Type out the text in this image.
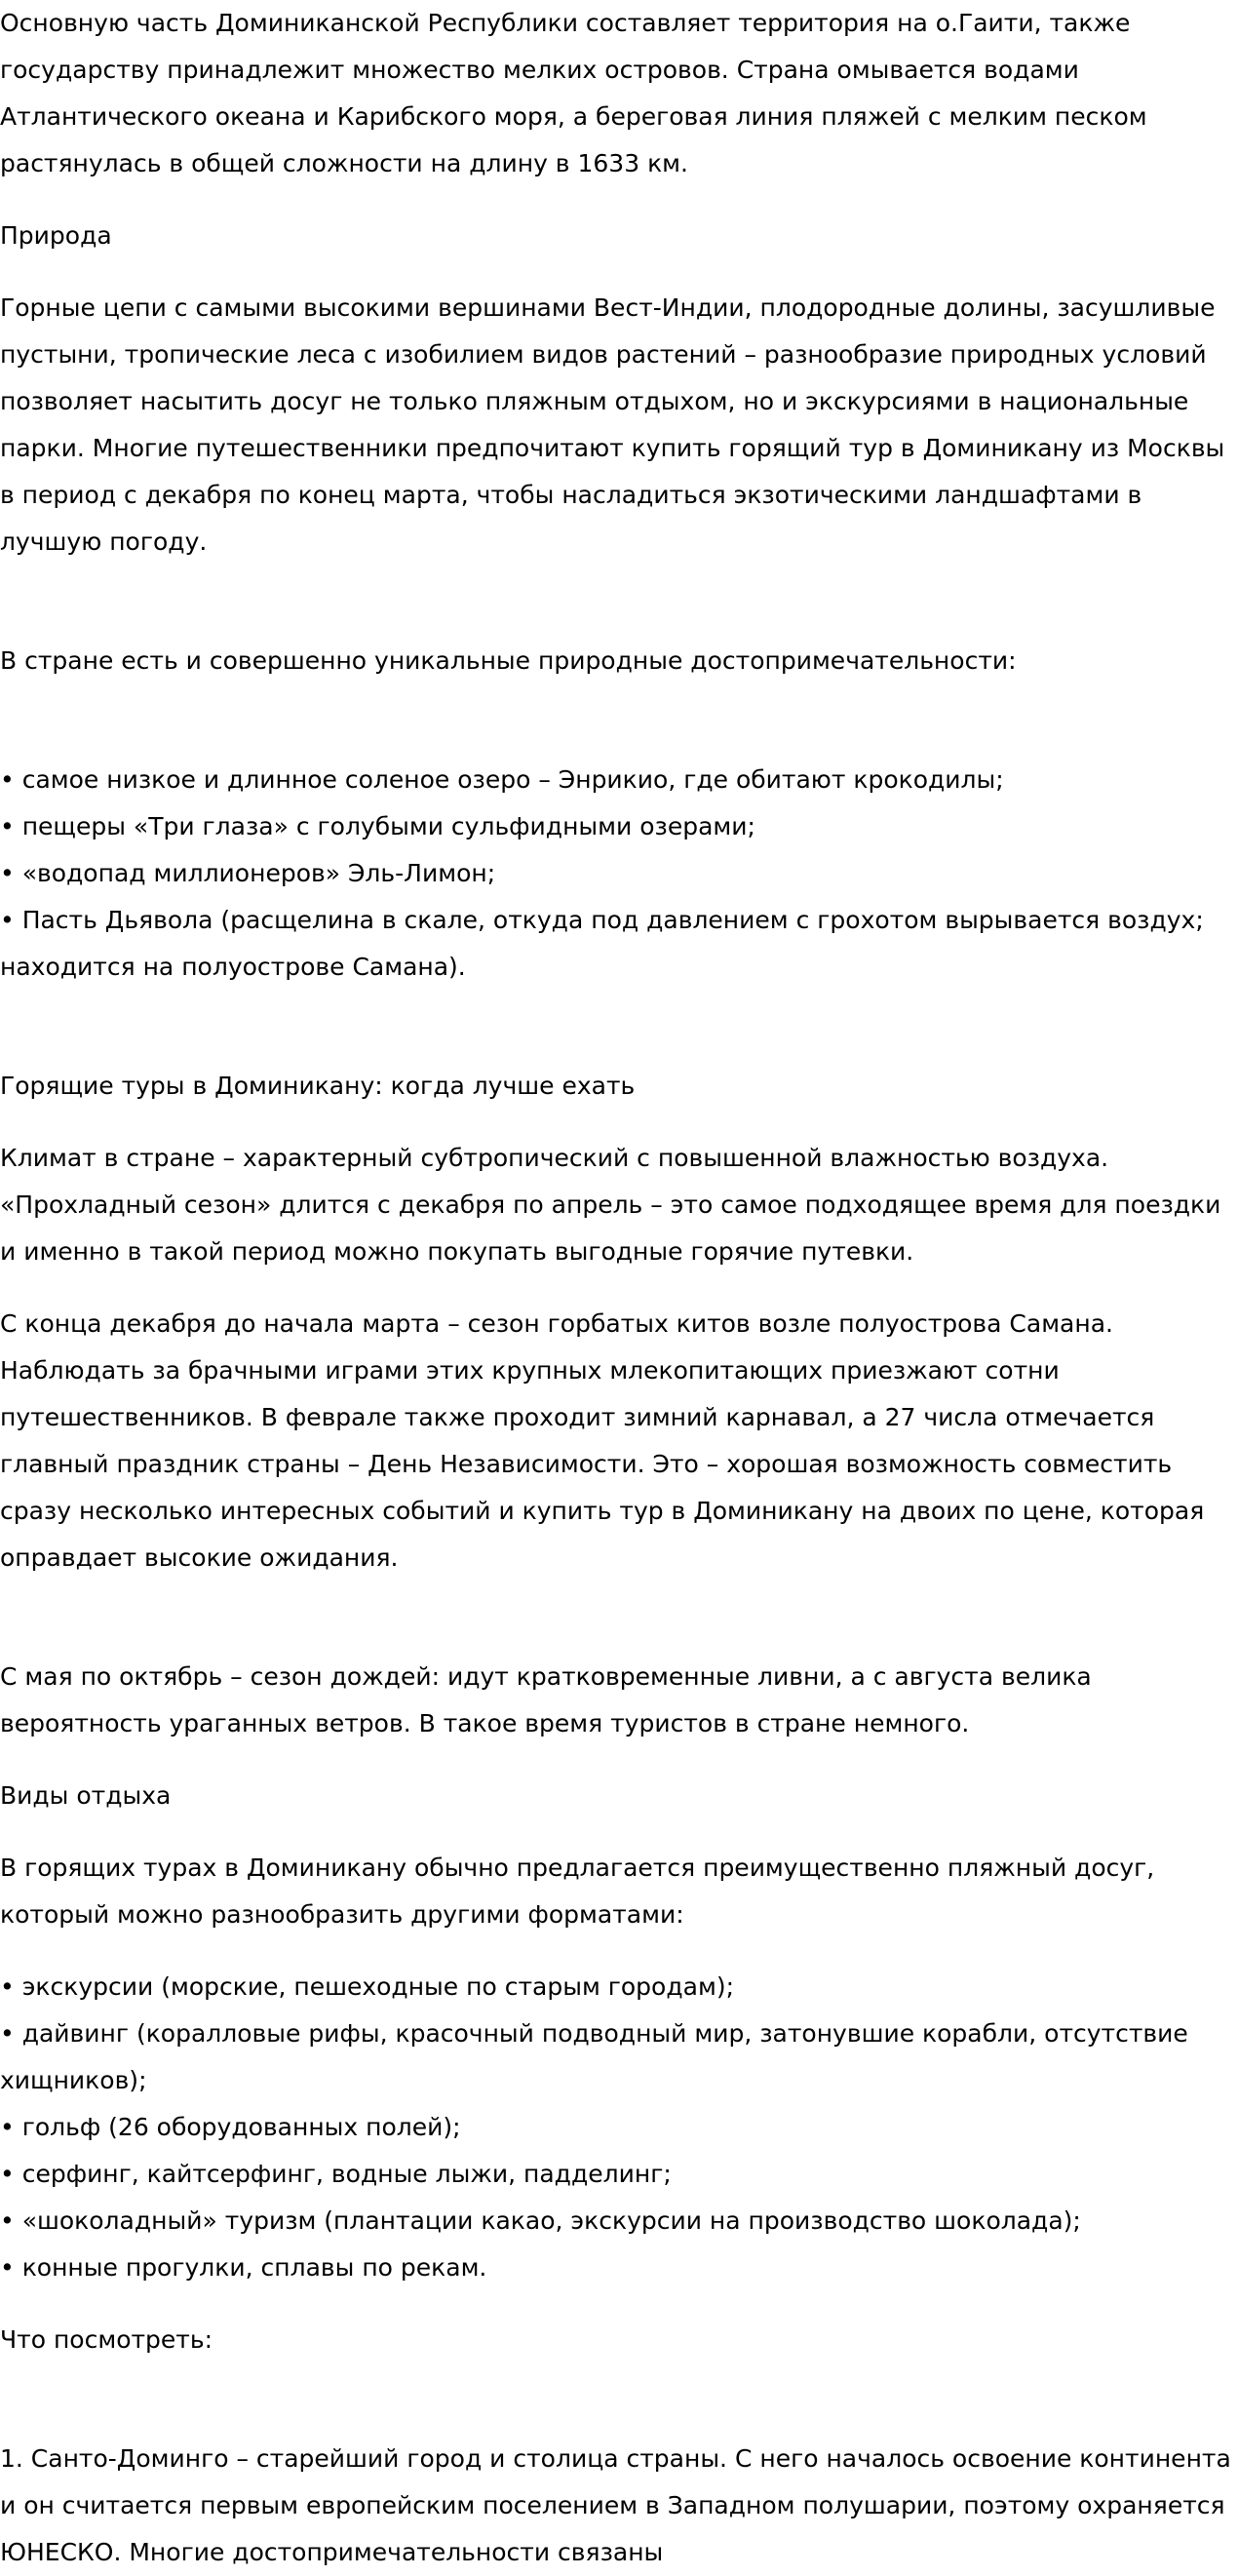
Основную часть Доминиканской Республики составляет территория на о.Гаити, также государству принадлежит множество мелких островов. Страна омывается водами Атлантического океана и Карибского моря, а береговая линия пляжей с мелким песком растянулась в общей сложности на длину в 1633 км.

Природа

Горные цепи с самыми высокими вершинами Вест-Индии, плодородные долины, засушливые пустыни, тропические леса с изобилием видов растений – разнообразие природных условий позволяет насытить досуг не только пляжным отдыхом, но и экскурсиями в национальные парки. Многие путешественники предпочитают купить горящий тур в Доминикану из Москвы в период с декабря по конец марта, чтобы насладиться экзотическими ландшафтами в лучшую погоду.

В стране есть и совершенно уникальные природные достопримечательности:

• самое низкое и длинное соленое озеро – Энрикио, где обитают крокодилы;
• пещеры «Три глаза» с голубыми сульфидными озерами;
• «водопад миллионеров» Эль-Лимон;
• Пасть Дьявола (расщелина в скале, откуда под давлением с грохотом вырывается воздух; находится на полуострове Самана).

Горящие туры в Доминикану: когда лучше ехать

Климат в стране – характерный субтропический с повышенной влажностью воздуха. «Прохладный сезон» длится с декабря по апрель – это самое подходящее время для поездки и именно в такой период можно покупать выгодные горячие путевки.

С конца декабря до начала марта – сезон горбатых китов возле полуострова Самана. Наблюдать за брачными играми этих крупных млекопитающих приезжают сотни путешественников. В феврале также проходит зимний карнавал, а 27 числа отмечается главный праздник страны – День Независимости. Это – хорошая возможность совместить сразу несколько интересных событий и купить тур в Доминикану на двоих по цене, которая оправдает высокие ожидания.

С мая по октябрь – сезон дождей: идут кратковременные ливни, а с августа велика вероятность ураганных ветров. В такое время туристов в стране немного.

Виды отдыха

В горящих турах в Доминикану обычно предлагается преимущественно пляжный досуг, который можно разнообразить другими форматами:

• экскурсии (морские, пешеходные по старым городам);
• дайвинг (коралловые рифы, красочный подводный мир, затонувшие корабли, отсутствие хищников);
• гольф (26 оборудованных полей);
• серфинг, кайтсерфинг, водные лыжи, падделинг;
• «шоколадный» туризм (плантации какао, экскурсии на производство шоколада);
• конные прогулки, сплавы по рекам.

Что посмотреть:

1. Санто-Доминго – старейший город и столица страны. С него началось освоение континента и он считается первым европейским поселением в Западном полушарии, поэтому охраняется ЮНЕСКО. Многие достопримечательности связаны
